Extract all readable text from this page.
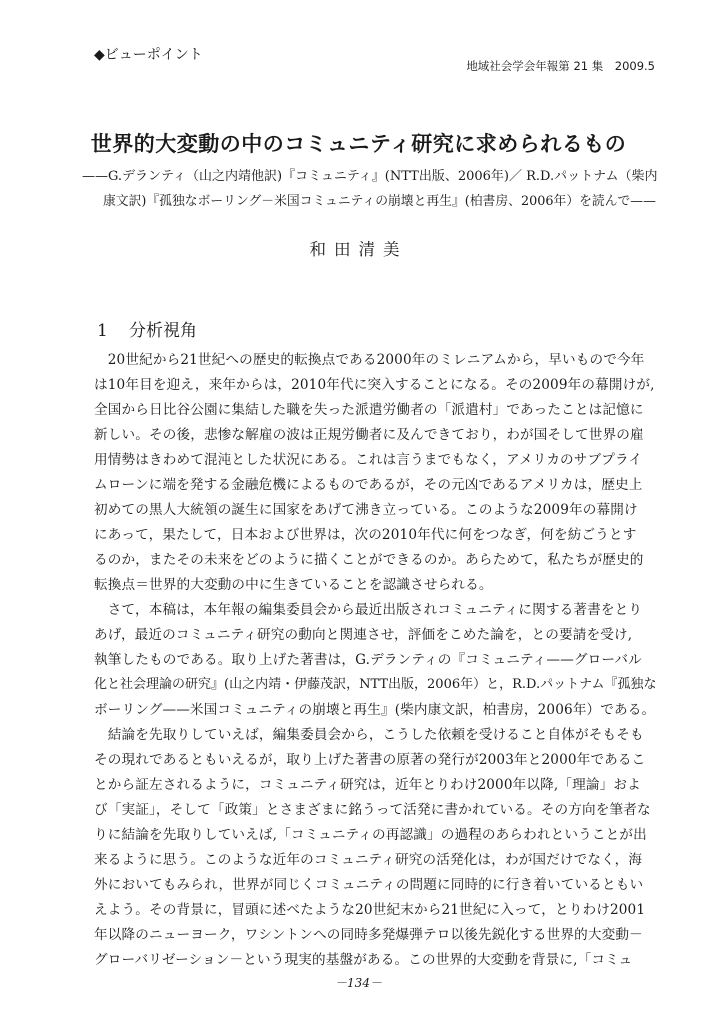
◆ビューポイント
地域社会学会年報第 21 集　2009.5
世界的大変動の中のコミュニティ研究に求められるもの
——G.デランティ（山之内靖他訳)『コミュニティ』(NTT出版、2006年)／ R.D.パットナム（柴内
康文訳)『孤独なボーリング－米国コミュニティの崩壊と再生』(柏書房、2006年）を読んで——
和田清美
1 分析視角
　20世紀から21世紀への歴史的転換点である2000年のミレニアムから，早いもので今年
は10年目を迎え，来年からは，2010年代に突入することになる。その2009年の幕開けが,
全国から日比谷公園に集結した職を失った派遣労働者の「派遣村」であったことは記憶に
新しい。その後，悲惨な解雇の波は正規労働者に及んできており，わが国そして世界の雇
用情勢はきわめて混沌とした状況にある。これは言うまでもなく，アメリカのサブプライ
ムローンに端を発する金融危機によるものであるが，その元凶であるアメリカは，歴史上
初めての黒人大統領の誕生に国家をあげて沸き立っている。このような2009年の幕開け
にあって，果たして，日本および世界は，次の2010年代に何をつなぎ，何を紡ごうとす
るのか，またその未来をどのように描くことができるのか。あらためて，私たちが歴史的
転換点＝世界的大変動の中に生きていることを認識させられる。
　さて，本稿は，本年報の編集委員会から最近出版されコミュニティに関する著書をとり
あげ，最近のコミュニティ研究の動向と関連させ，評価をこめた論を，との要請を受け,
執筆したものである。取り上げた著書は，G.デランティの『コミュニティ——グローバル
化と社会理論の研究』(山之内靖・伊藤茂訳，NTT出版，2006年）と，R.D.パットナム『孤独な
ボーリング——米国コミュニティの崩壊と再生』(柴内康文訳，柏書房，2006年）である。
　結論を先取りしていえば，編集委員会から，こうした依頼を受けること自体がそもそも
その現れであるともいえるが，取り上げた著書の原著の発行が2003年と2000年であるこ
とから証左されるように，コミュニティ研究は，近年とりわけ2000年以降,「理論」およ
び「実証」，そして「政策」とさまざまに銘うって活発に書かれている。その方向を筆者な
りに結論を先取りしていえば,「コミュニティの再認識」の過程のあらわれということが出
来るように思う。このような近年のコミュニティ研究の活発化は，わが国だけでなく，海
外においてもみられ，世界が同じくコミュニティの問題に同時的に行き着いているともい
えよう。その背景に，冒頭に述べたような20世紀末から21世紀に入って，とりわけ2001
年以降のニューヨーク，ワシントンへの同時多発爆弾テロ以後先鋭化する世界的大変動－
グローバリゼーション－という現実的基盤がある。この世界的大変動を背景に,「コミュ
－134－
